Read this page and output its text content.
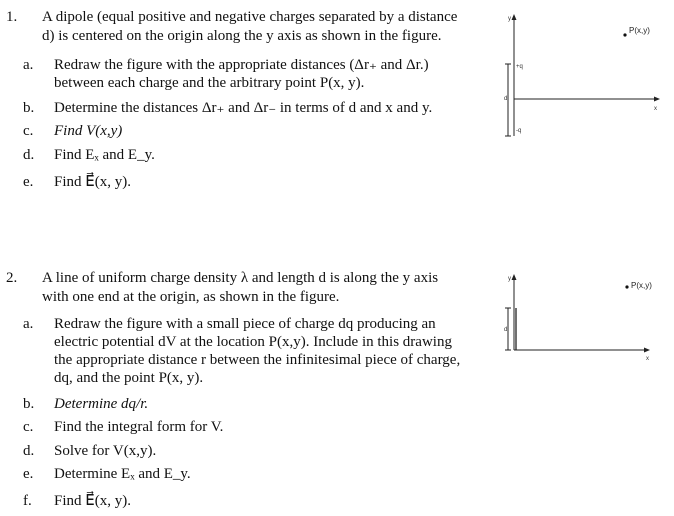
1. A dipole (equal positive and negative charges separated by a distance
d) is centered on the origin along the y axis as shown in the figure.
a. Redraw the figure with the appropriate distances (Δr₊ and Δr.)
between each charge and the arbitrary point P(x, y).
b. Determine the distances Δr₊ and Δr₋ in terms of d and x and y.
c. Find V(x,y)
d. Find Eₓ and E_y.
e. Find E⃗(x, y).
y
x
d
+q
-q
P(x,y)
2. A line of uniform charge density λ and length d is along the y axis
with one end at the origin, as shown in the figure.
a. Redraw the figure with a small piece of charge dq producing an
electric potential dV at the location P(x,y). Include in this drawing
the appropriate distance r between the infinitesimal piece of charge,
dq, and the point P(x, y).
b. Determine dq/r.
c. Find the integral form for V.
d. Solve for V(x,y).
e. Determine Eₓ and E_y.
f. Find E⃗(x, y).
y
x
d
P(x,y)
